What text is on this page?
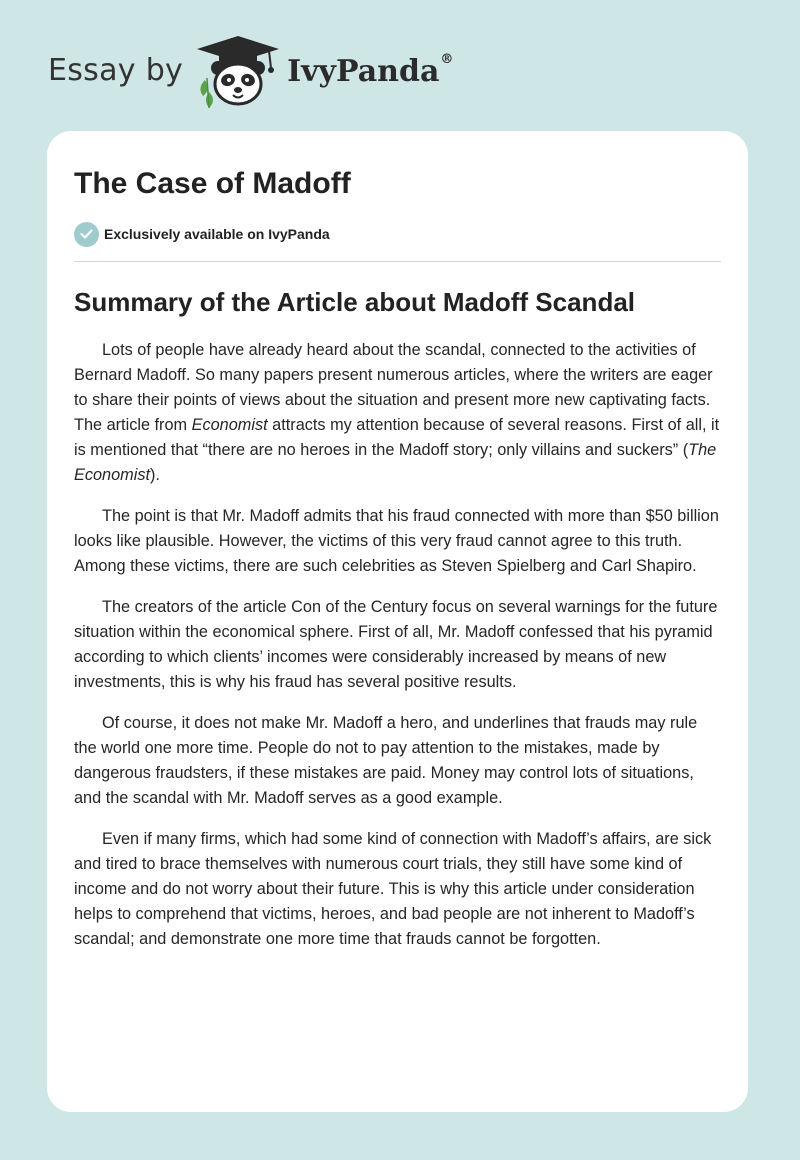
Essay by	IvyPanda®
The Case of Madoff
Exclusively available on IvyPanda
Summary of the Article about Madoff Scandal

Lots of people have already heard about the scandal, connected to the activities of Bernard Madoff. So many papers present numerous articles, where the writers are eager to share their points of views about the situation and present more new captivating facts. The article from Economist attracts my attention because of several reasons. First of all, it is mentioned that “there are no heroes in the Madoff story; only villains and suckers” (The Economist).

The point is that Mr. Madoff admits that his fraud connected with more than $50 billion looks like plausible. However, the victims of this very fraud cannot agree to this truth. Among these victims, there are such celebrities as Steven Spielberg and Carl Shapiro.

The creators of the article Con of the Century focus on several warnings for the future situation within the economical sphere. First of all, Mr. Madoff confessed that his pyramid according to which clients’ incomes were considerably increased by means of new investments, this is why his fraud has several positive results.

Of course, it does not make Mr. Madoff a hero, and underlines that frauds may rule the world one more time. People do not to pay attention to the mistakes, made by dangerous fraudsters, if these mistakes are paid. Money may control lots of situations, and the scandal with Mr. Madoff serves as a good example.

Even if many firms, which had some kind of connection with Madoff’s affairs, are sick and tired to brace themselves with numerous court trials, they still have some kind of income and do not worry about their future. This is why this article under consideration helps to comprehend that victims, heroes, and bad people are not inherent to Madoff’s scandal; and demonstrate one more time that frauds cannot be forgotten.
